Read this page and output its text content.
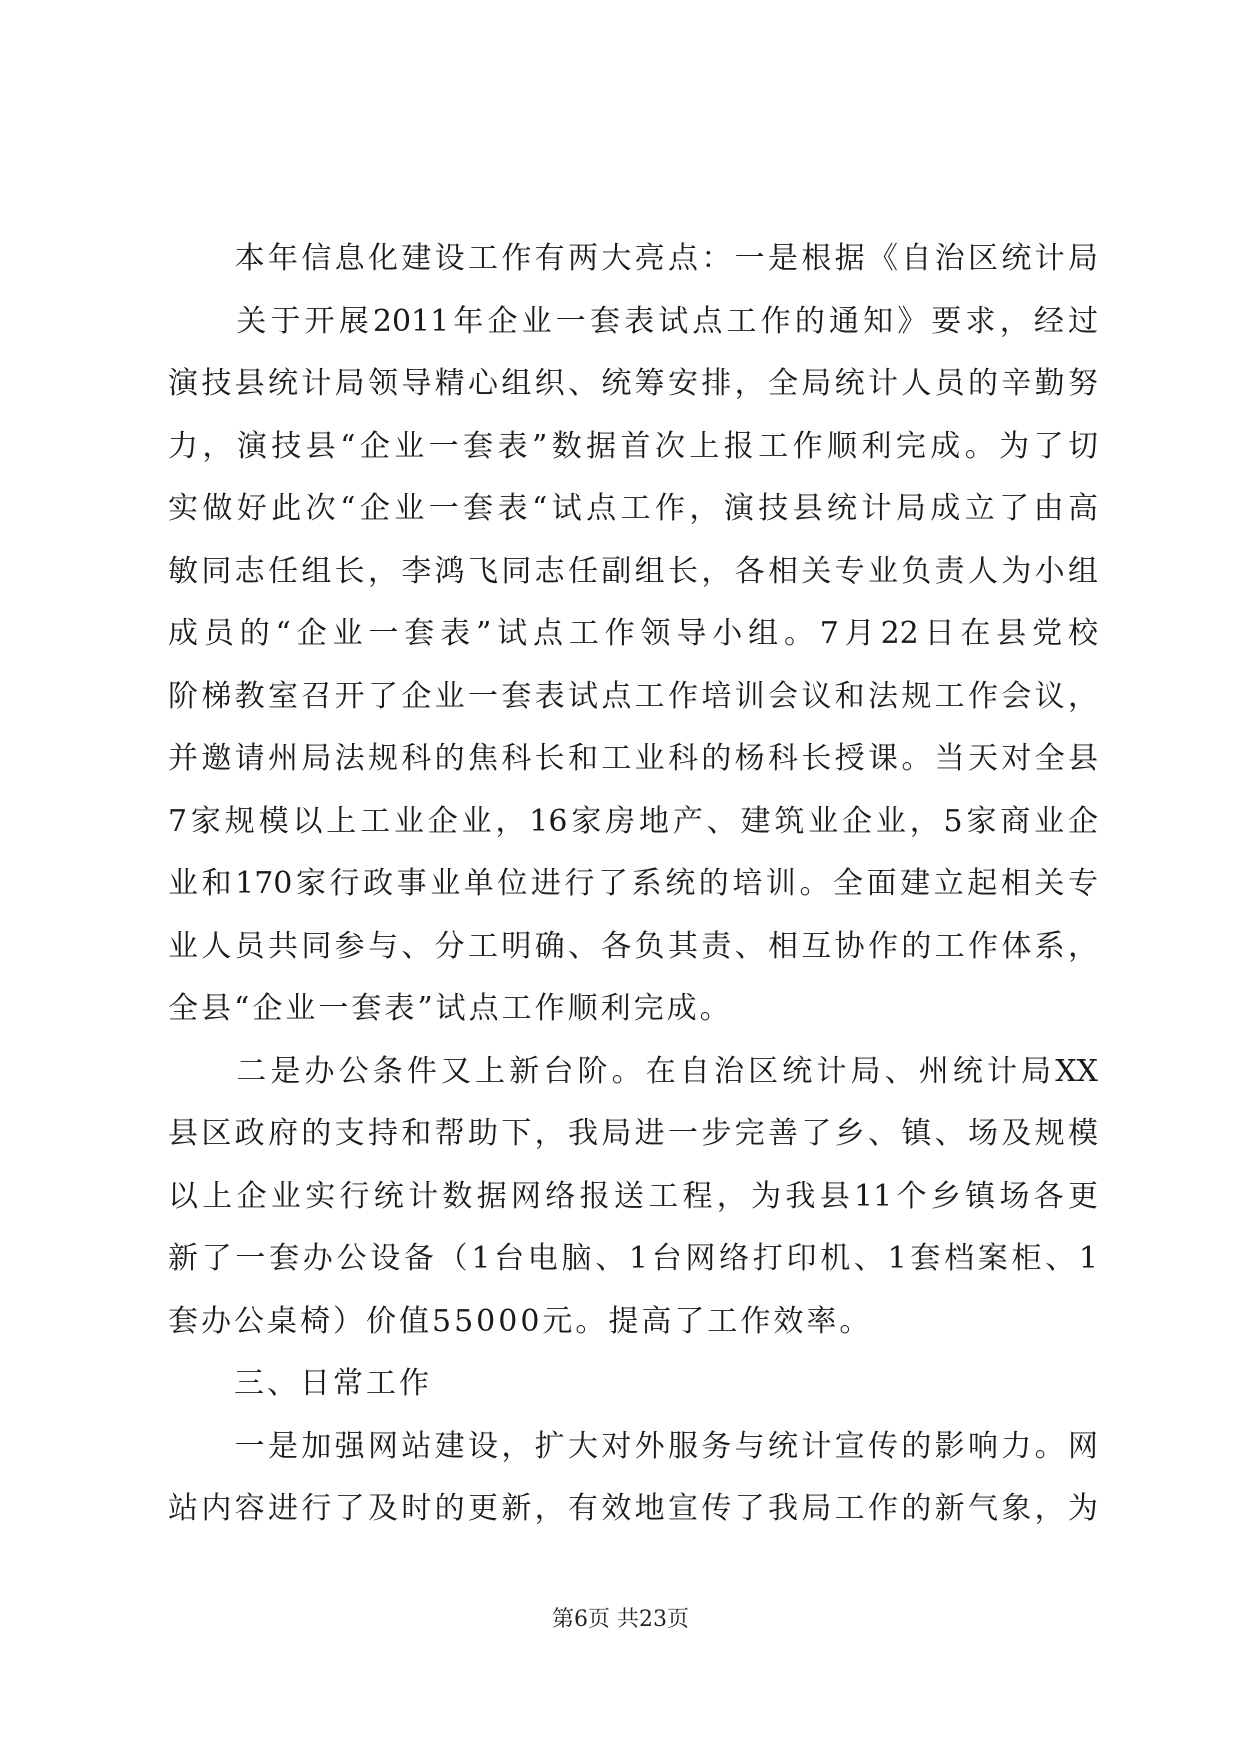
　　本年信息化建设工作有两大亮点：一是根据《自治区统计局
　　关于开展2011年企业一套表试点工作的通知》要求，经过
演技县统计局领导精心组织、统筹安排，全局统计人员的辛勤努
力，演技县“企业一套表”数据首次上报工作顺利完成。为了切
实做好此次“企业一套表“试点工作，演技县统计局成立了由高
敏同志任组长，李鸿飞同志任副组长，各相关专业负责人为小组
成员的“企业一套表”试点工作领导小组。7月22日在县党校
阶梯教室召开了企业一套表试点工作培训会议和法规工作会议，
并邀请州局法规科的焦科长和工业科的杨科长授课。当天对全县
7家规模以上工业企业，16家房地产、建筑业企业，5家商业企
业和170家行政事业单位进行了系统的培训。全面建立起相关专
业人员共同参与、分工明确、各负其责、相互协作的工作体系，
全县“企业一套表”试点工作顺利完成。
　　二是办公条件又上新台阶。在自治区统计局、州统计局XX
县区政府的支持和帮助下，我局进一步完善了乡、镇、场及规模
以上企业实行统计数据网络报送工程，为我县11个乡镇场各更
新了一套办公设备（1台电脑、1台网络打印机、1套档案柜、1
套办公桌椅）价值55000元。提高了工作效率。
　　三、日常工作
　　一是加强网站建设，扩大对外服务与统计宣传的影响力。网
站内容进行了及时的更新，有效地宣传了我局工作的新气象，为
第6页 共23页
